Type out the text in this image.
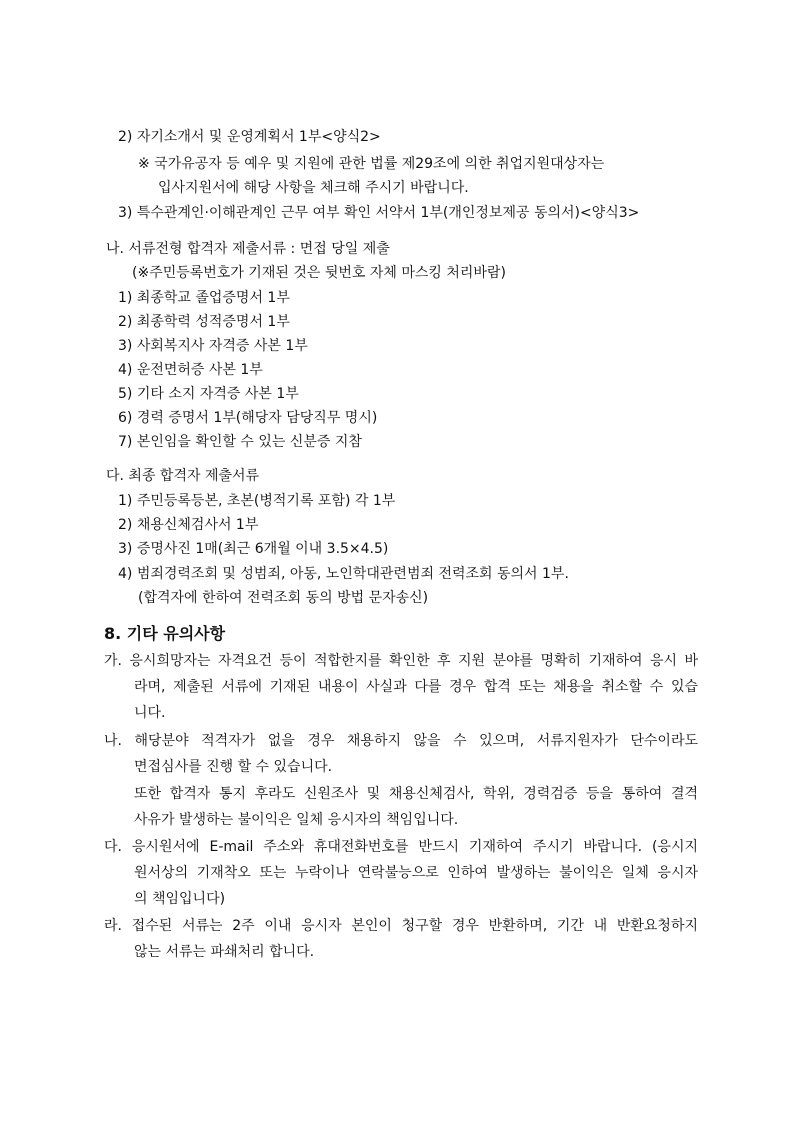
2) 자기소개서 및 운영계획서 1부<양식2>
※ 국가유공자 등 예우 및 지원에 관한 법률 제29조에 의한 취업지원대상자는
입사지원서에 해당 사항을 체크해 주시기 바랍니다.
3) 특수관계인·이해관계인 근무 여부 확인 서약서 1부(개인정보제공 동의서)<양식3>
나. 서류전형 합격자 제출서류 : 면접 당일 제출
(※주민등록번호가 기재된 것은 뒷번호 자체 마스킹 처리바람)
1) 최종학교 졸업증명서 1부
2) 최종학력 성적증명서 1부
3) 사회복지사 자격증 사본 1부
4) 운전면허증 사본 1부
5) 기타 소지 자격증 사본 1부
6) 경력 증명서 1부(해당자 담당직무 명시)
7) 본인임을 확인할 수 있는 신분증 지참
다. 최종 합격자 제출서류
1) 주민등록등본, 초본(병적기록 포함) 각 1부
2) 채용신체검사서 1부
3) 증명사진 1매(최근 6개월 이내 3.5×4.5)
4) 범죄경력조회 및 성범죄, 아동, 노인학대관련범죄 전력조회 동의서 1부.
(합격자에 한하여 전력조회 동의 방법 문자송신)
8. 기타 유의사항
가. 응시희망자는 자격요건 등이 적합한지를 확인한 후 지원 분야를 명확히 기재하여 응시 바
라며, 제출된 서류에 기재된 내용이 사실과 다를 경우 합격 또는 채용을 취소할 수 있습
니다.
나. 해당분야 적격자가 없을 경우 채용하지 않을 수 있으며, 서류지원자가 단수이라도
면접심사를 진행 할 수 있습니다.
또한 합격자 통지 후라도 신원조사 및 채용신체검사, 학위, 경력검증 등을 통하여 결격
사유가 발생하는 불이익은 일체 응시자의 책임입니다.
다. 응시원서에 E-mail 주소와 휴대전화번호를 반드시 기재하여 주시기 바랍니다. (응시지
원서상의 기재착오 또는 누락이나 연락불능으로 인하여 발생하는 불이익은 일체 응시자
의 책임입니다)
라. 접수된 서류는 2주 이내 응시자 본인이 청구할 경우 반환하며, 기간 내 반환요청하지
않는 서류는 파쇄처리 합니다.
